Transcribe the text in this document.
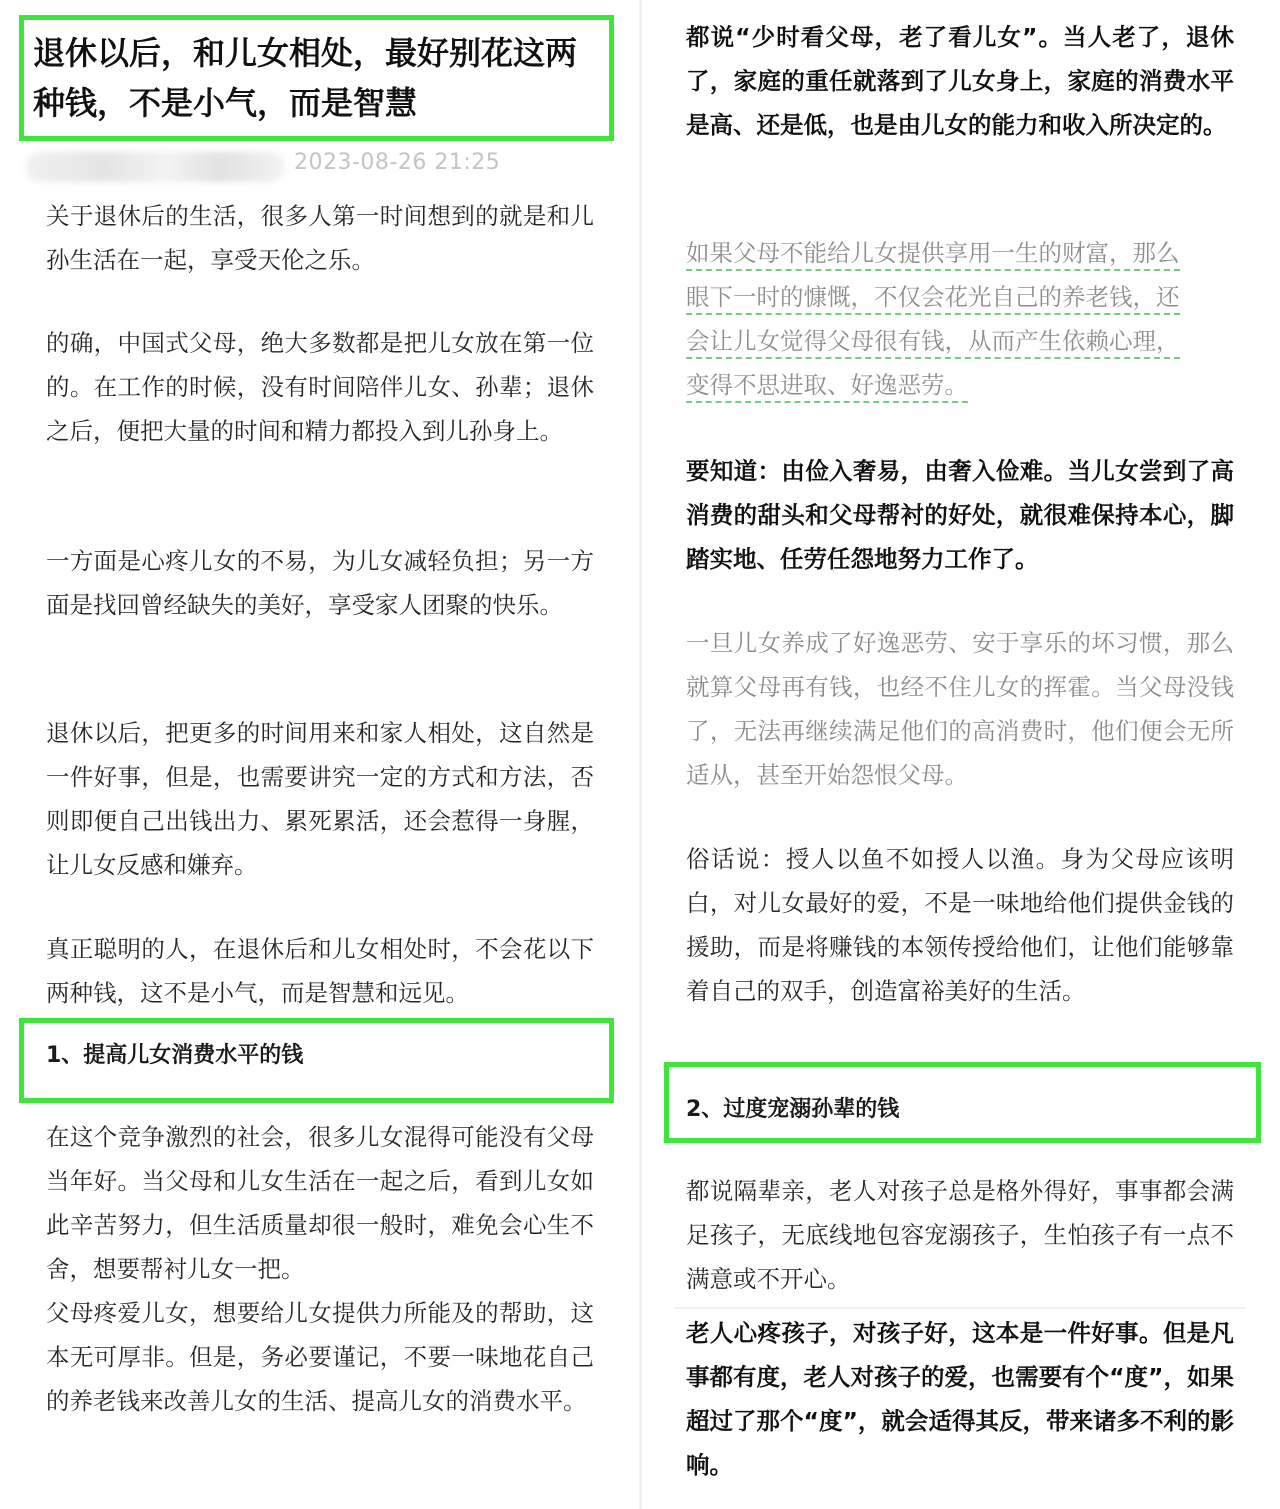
退休以后，和儿女相处，最好别花这两种钱，不是小气，而是智慧
2023-08-26 21:25

关于退休后的生活，很多人第一时间想到的就是和儿孙生活在一起，享受天伦之乐。

的确，中国式父母，绝大多数都是把儿女放在第一位的。在工作的时候，没有时间陪伴儿女、孙辈；退休之后，便把大量的时间和精力都投入到儿孙身上。

一方面是心疼儿女的不易，为儿女减轻负担；另一方面是找回曾经缺失的美好，享受家人团聚的快乐。

退休以后，把更多的时间用来和家人相处，这自然是一件好事，但是，也需要讲究一定的方式和方法，否则即便自己出钱出力、累死累活，还会惹得一身腥，让儿女反感和嫌弃。

真正聪明的人，在退休后和儿女相处时，不会花以下两种钱，这不是小气，而是智慧和远见。

1、提高儿女消费水平的钱

在这个竞争激烈的社会，很多儿女混得可能没有父母当年好。当父母和儿女生活在一起之后，看到儿女如此辛苦努力，但生活质量却很一般时，难免会心生不舍，想要帮衬儿女一把。

父母疼爱儿女，想要给儿女提供力所能及的帮助，这本无可厚非。但是，务必要谨记，不要一味地花自己的养老钱来改善儿女的生活、提高儿女的消费水平。

都说“少时看父母，老了看儿女”。当人老了，退休了，家庭的重任就落到了儿女身上，家庭的消费水平是高、还是低，也是由儿女的能力和收入所决定的。

如果父母不能给儿女提供享用一生的财富，那么
眼下一时的慷慨，不仅会花光自己的养老钱，还
会让儿女觉得父母很有钱，从而产生依赖心理，
变得不思进取、好逸恶劳。

要知道：由俭入奢易，由奢入俭难。当儿女尝到了高消费的甜头和父母帮衬的好处，就很难保持本心，脚踏实地、任劳任怨地努力工作了。

一旦儿女养成了好逸恶劳、安于享乐的坏习惯，那么就算父母再有钱，也经不住儿女的挥霍。当父母没钱了，无法再继续满足他们的高消费时，他们便会无所适从，甚至开始怨恨父母。

俗话说：授人以鱼不如授人以渔。身为父母应该明白，对儿女最好的爱，不是一味地给他们提供金钱的援助，而是将赚钱的本领传授给他们，让他们能够靠着自己的双手，创造富裕美好的生活。

2、过度宠溺孙辈的钱

都说隔辈亲，老人对孩子总是格外得好，事事都会满足孩子，无底线地包容宠溺孩子，生怕孩子有一点不满意或不开心。

老人心疼孩子，对孩子好，这本是一件好事。但是凡事都有度，老人对孩子的爱，也需要有个“度”，如果超过了那个“度”，就会适得其反，带来诸多不利的影响。
